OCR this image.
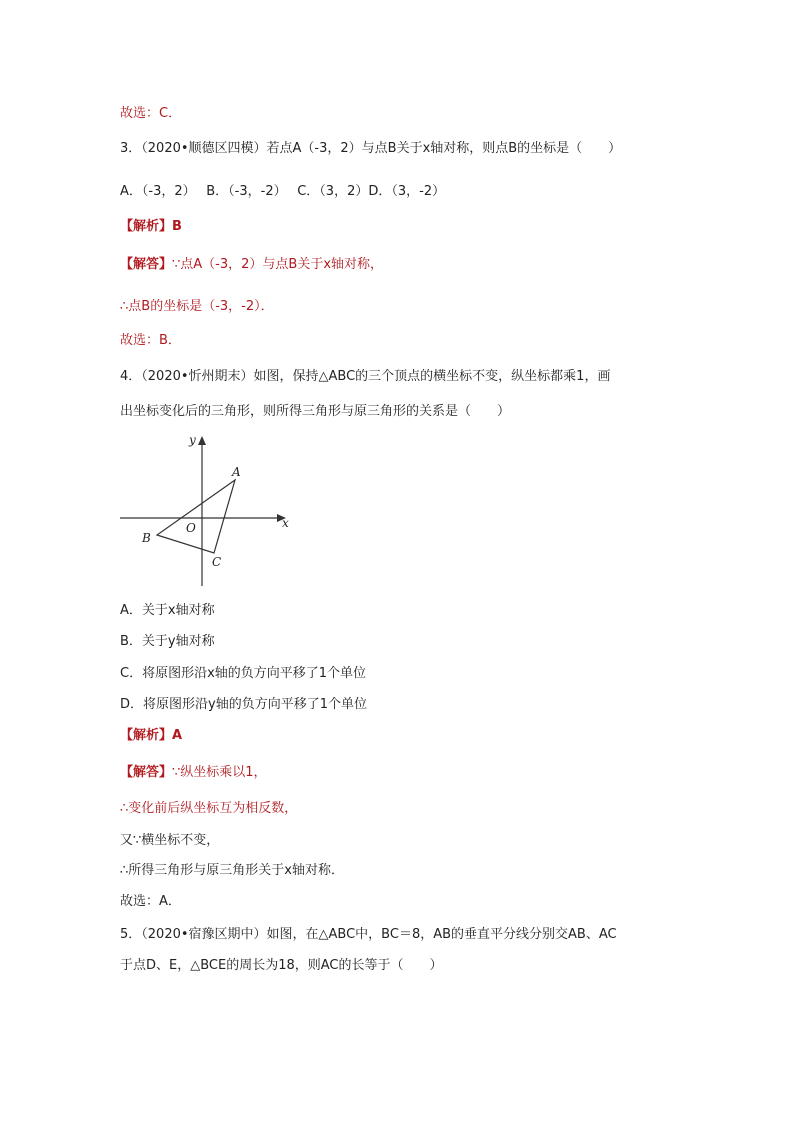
故选：C．
3．（2020•顺德区四模）若点A（-3，2）与点B关于x轴对称，则点B的坐标是（　　）
A．（-3，2）　 B．（-3，-2）　 C．（3，2）D．（3，-2）
【解析】B
【解答】∵点A（-3，2）与点B关于x轴对称，
∴点B的坐标是（-3，-2）．
故选：B．
4．（2020•忻州期末）如图，保持△ABC的三个顶点的横坐标不变，纵坐标都乘1，画
出坐标变化后的三角形，则所得三角形与原三角形的关系是（　　）
y
x
O
A
B
C
A．关于x轴对称
B．关于y轴对称
C．将原图形沿x轴的负方向平移了1个单位
D．将原图形沿y轴的负方向平移了1个单位
【解析】A
【解答】∵纵坐标乘以1，
∴变化前后纵坐标互为相反数，
又∵横坐标不变，
∴所得三角形与原三角形关于x轴对称．
故选：A．
5．（2020•宿豫区期中）如图，在△ABC中，BC＝8，AB的垂直平分线分别交AB、AC
于点D、E，△BCE的周长为18，则AC的长等于（　　）
